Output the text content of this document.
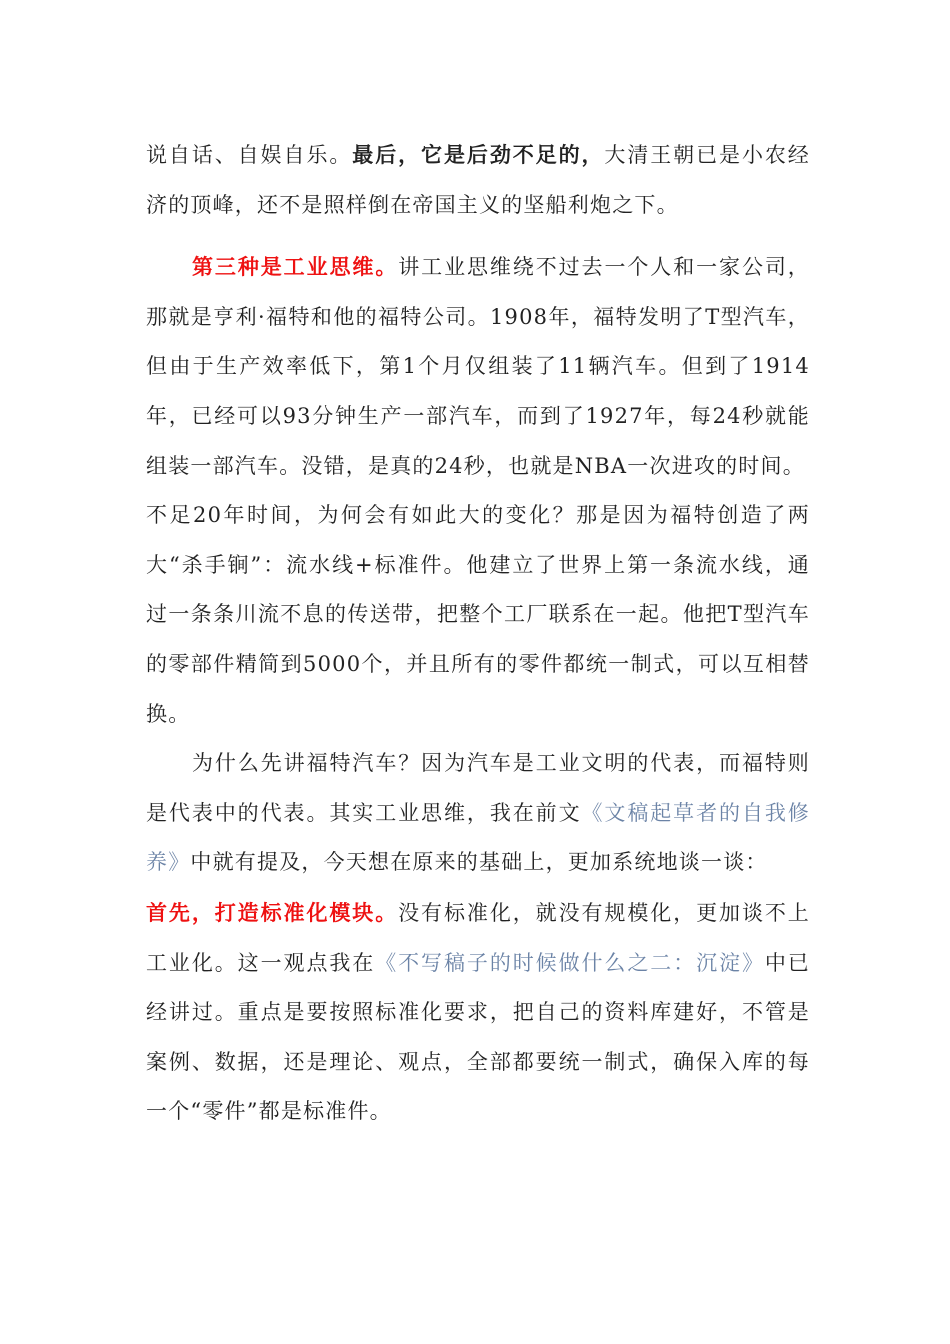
说自话、自娱自乐。最后，它是后劲不足的，大清王朝已是小农经济的顶峰，还不是照样倒在帝国主义的坚船利炮之下。

第三种是工业思维。讲工业思维绕不过去一个人和一家公司，那就是亨利·福特和他的福特公司。1908年，福特发明了T型汽车，但由于生产效率低下，第1个月仅组装了11辆汽车。但到了1914年，已经可以93分钟生产一部汽车，而到了1927年，每24秒就能组装一部汽车。没错，是真的24秒，也就是NBA一次进攻的时间。

不足20年时间，为何会有如此大的变化？那是因为福特创造了两大“杀手锏”：流水线+标准件。他建立了世界上第一条流水线，通过一条条川流不息的传送带，把整个工厂联系在一起。他把T型汽车的零部件精简到5000个，并且所有的零件都统一制式，可以互相替换。

为什么先讲福特汽车？因为汽车是工业文明的代表，而福特则是代表中的代表。其实工业思维，我在前文《文稿起草者的自我修养》中就有提及，今天想在原来的基础上，更加系统地谈一谈：

首先，打造标准化模块。没有标准化，就没有规模化，更加谈不上工业化。这一观点我在《不写稿子的时候做什么之二：沉淀》中已经讲过。重点是要按照标准化要求，把自己的资料库建好，不管是案例、数据，还是理论、观点，全部都要统一制式，确保入库的每一个“零件”都是标准件。
